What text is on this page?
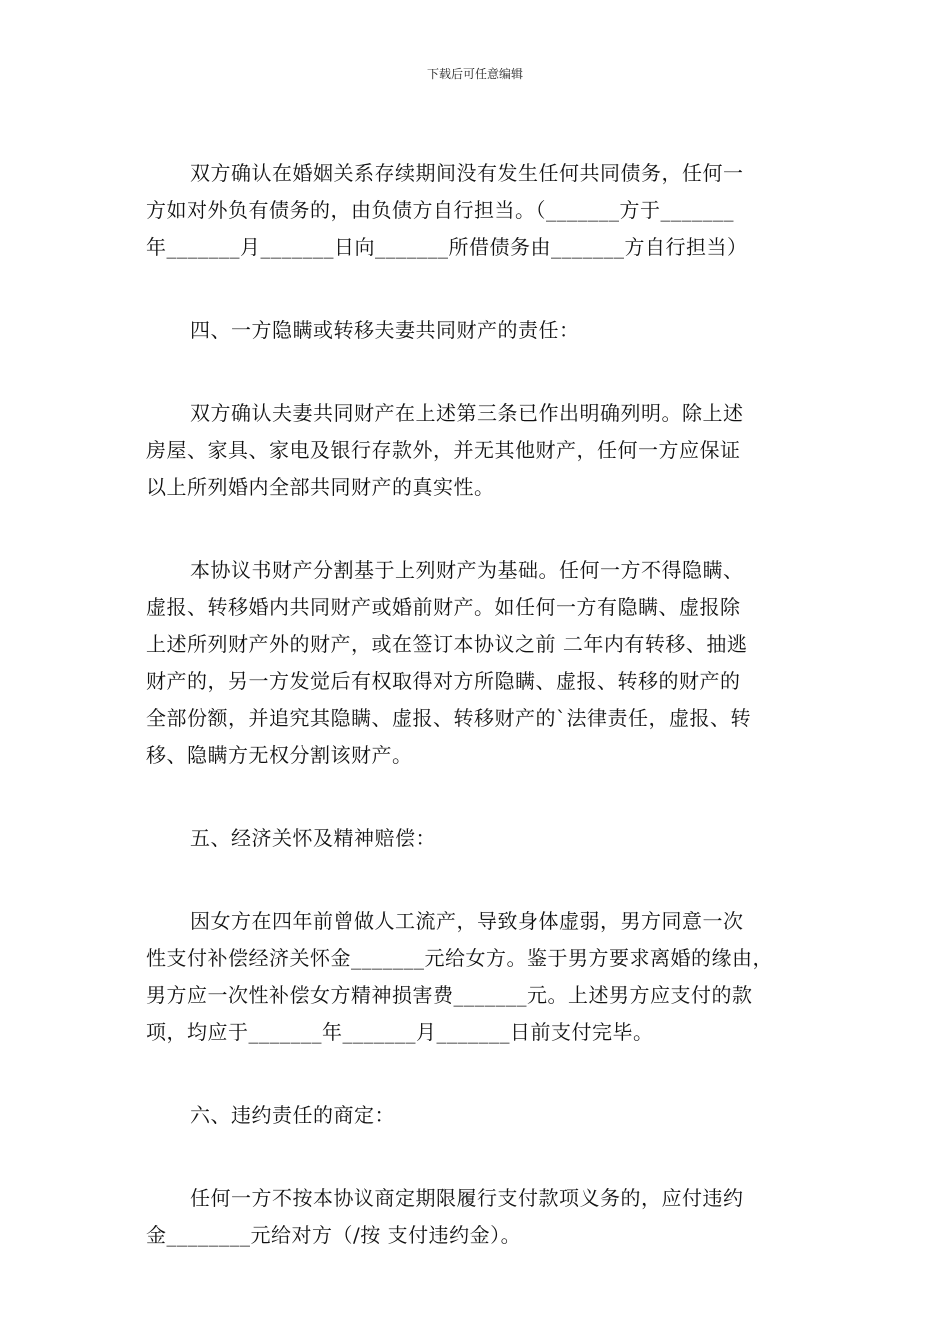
下载后可任意编辑

双方确认在婚姻关系存续期间没有发生任何共同债务，任何一
方如对外负有债务的，由负债方自行担当。（_______方于_______
年_______月_______日向_______所借债务由_______方自行担当）

四、一方隐瞒或转移夫妻共同财产的责任：

双方确认夫妻共同财产在上述第三条已作出明确列明。除上述
房屋、家具、家电及银行存款外，并无其他财产，任何一方应保证
以上所列婚内全部共同财产的真实性。

本协议书财产分割基于上列财产为基础。任何一方不得隐瞒、
虚报、转移婚内共同财产或婚前财产。如任何一方有隐瞒、虚报除
上述所列财产外的财产，或在签订本协议之前 二年内有转移、抽逃
财产的，另一方发觉后有权取得对方所隐瞒、虚报、转移的财产的
全部份额，并追究其隐瞒、虚报、转移财产的`法律责任，虚报、转
移、隐瞒方无权分割该财产。

五、经济关怀及精神赔偿：

因女方在四年前曾做人工流产，导致身体虚弱，男方同意一次
性支付补偿经济关怀金_______元给女方。鉴于男方要求离婚的缘由，
男方应一次性补偿女方精神损害费_______元。上述男方应支付的款
项，均应于_______年_______月_______日前支付完毕。

六、违约责任的商定：

任何一方不按本协议商定期限履行支付款项义务的，应付违约
金________元给对方（/按 支付违约金）。
